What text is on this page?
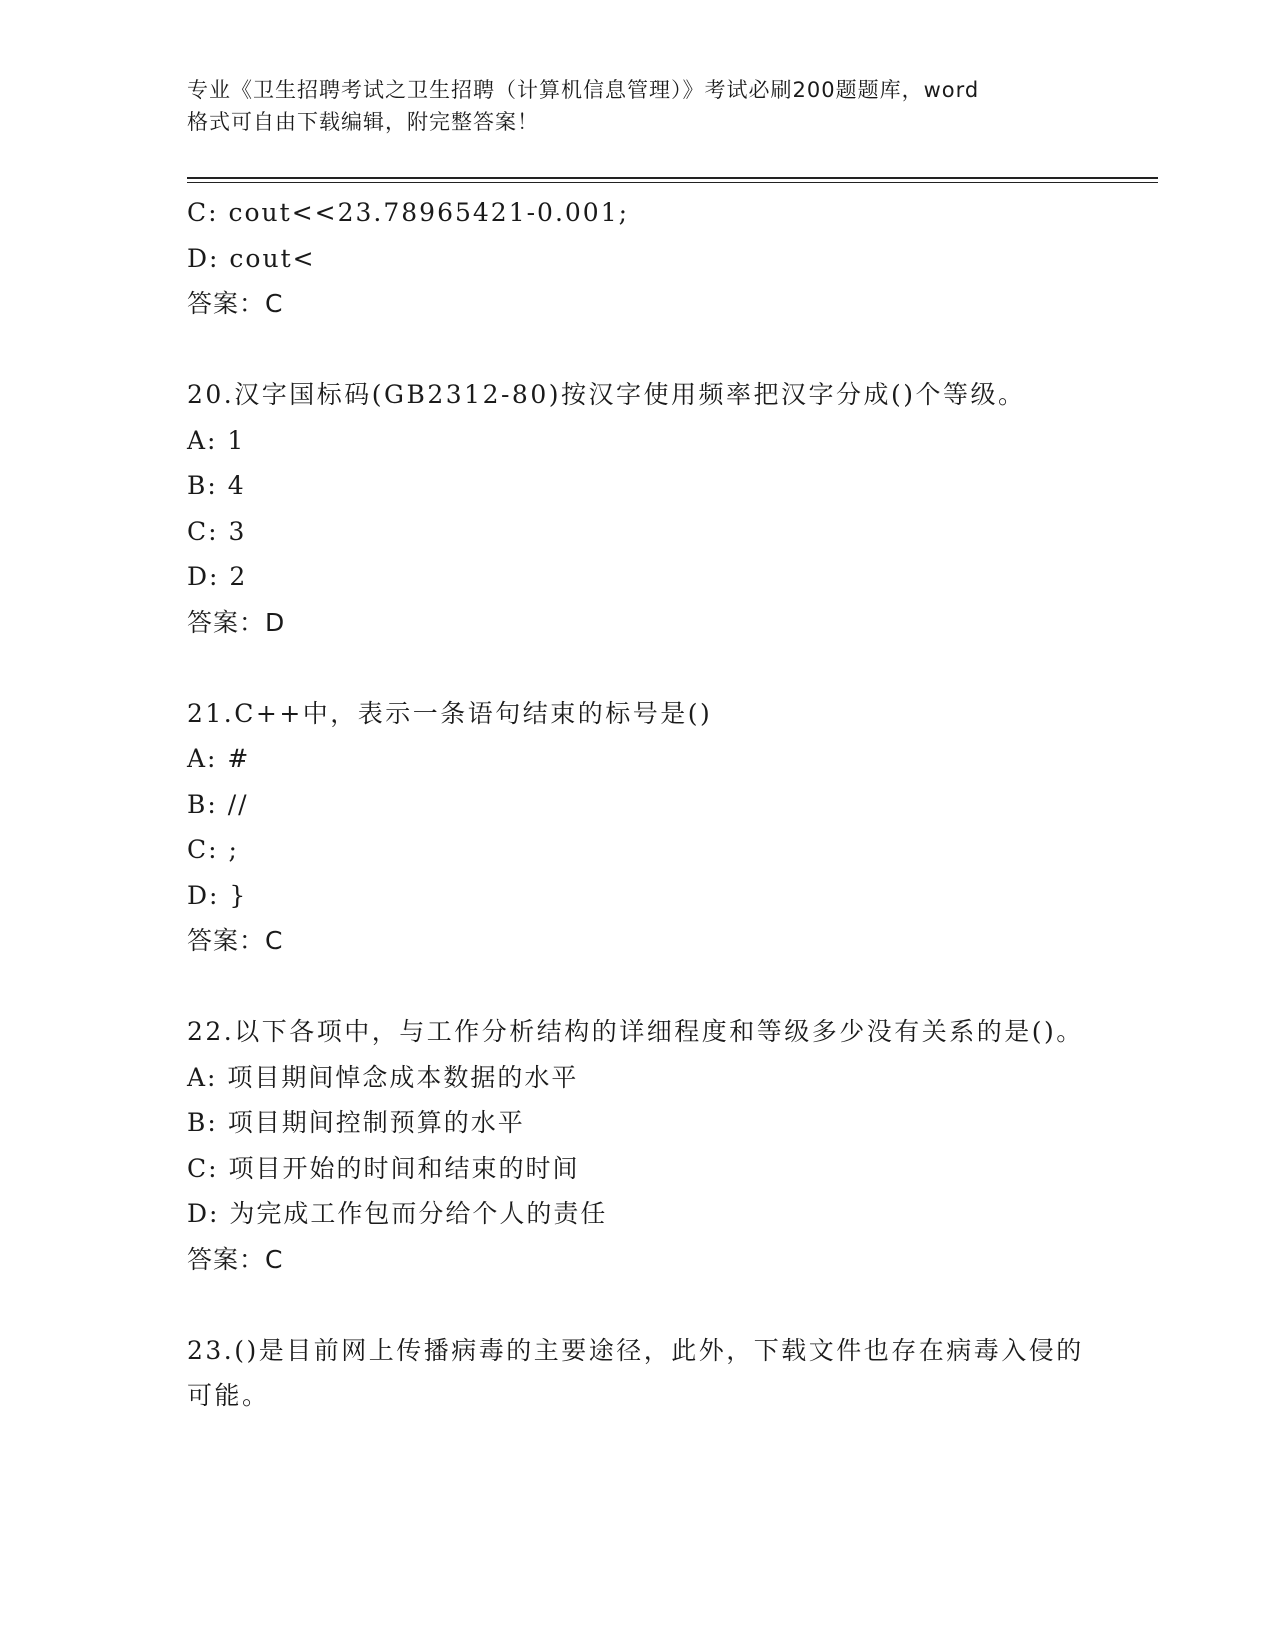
专业《卫生招聘考试之卫生招聘（计算机信息管理）》考试必刷200题题库，word
格式可自由下载编辑，附完整答案！

C: cout<<23.78965421-0.001;

D: cout<

答案：C

20.汉字国标码(GB2312-80)按汉字使用频率把汉字分成()个等级。

A: 1

B: 4

C: 3

D: 2

答案：D

21.C++中，表示一条语句结束的标号是()

A: #

B: //

C: ;

D: }

答案：C

22.以下各项中，与工作分析结构的详细程度和等级多少没有关系的是()。

A: 项目期间悼念成本数据的水平

B: 项目期间控制预算的水平

C: 项目开始的时间和结束的时间

D: 为完成工作包而分给个人的责任

答案：C

23.()是目前网上传播病毒的主要途径，此外，下载文件也存在病毒入侵的可能。
